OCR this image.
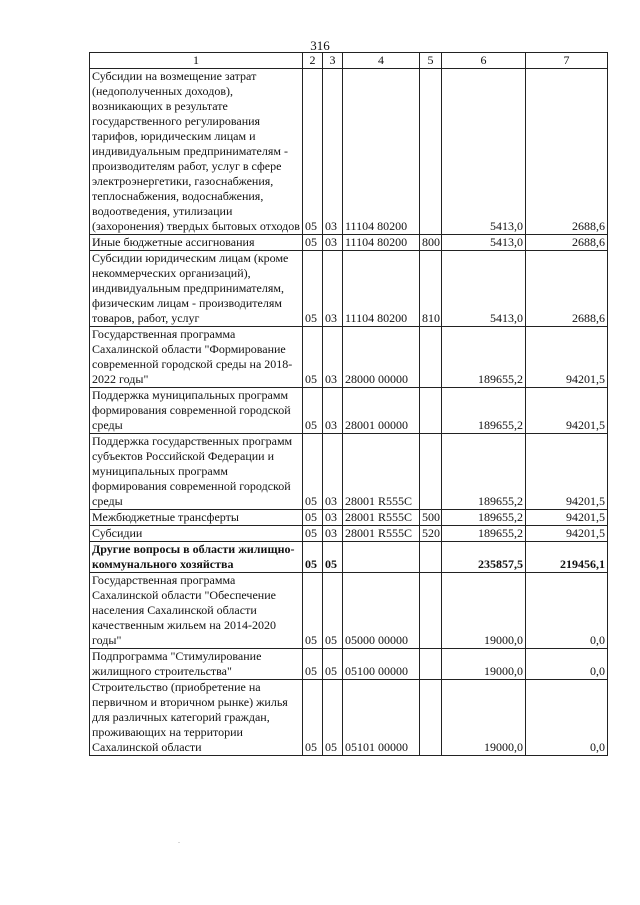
316
1	2	3	4	5	6	7
Субсидии на возмещение затрат (недополученных доходов), возникающих в результате государственного регулирования тарифов, юридическим лицам и индивидуальным предпринимателям - производителям работ, услуг в сфере электроэнергетики, газоснабжения, теплоснабжения, водоснабжения, водоотведения, утилизации (захоронения) твердых бытовых отходов	05	03	11104 80200		5413,0	2688,6
Иные бюджетные ассигнования	05	03	11104 80200	800	5413,0	2688,6
Субсидии юридическим лицам (кроме некоммерческих организаций), индивидуальным предпринимателям, физическим лицам - производителям товаров, работ, услуг	05	03	11104 80200	810	5413,0	2688,6
Государственная программа Сахалинской области "Формирование современной городской среды на 2018-2022 годы"	05	03	28000 00000		189655,2	94201,5
Поддержка муниципальных программ формирования современной городской среды	05	03	28001 00000		189655,2	94201,5
Поддержка государственных программ субъектов Российской Федерации и муниципальных программ формирования современной городской среды	05	03	28001 R555C		189655,2	94201,5
Межбюджетные трансферты	05	03	28001 R555C	500	189655,2	94201,5
Субсидии	05	03	28001 R555C	520	189655,2	94201,5
Другие вопросы в области жилищно-коммунального хозяйства	05	05			235857,5	219456,1
Государственная программа Сахалинской области "Обеспечение населения Сахалинской области качественным жильем на 2014-2020 годы"	05	05	05000 00000		19000,0	0,0
Подпрограмма "Стимулирование жилищного строительства"	05	05	05100 00000		19000,0	0,0
Строительство (приобретение на первичном и вторичном рынке) жилья для различных категорий граждан, проживающих на территории Сахалинской области	05	05	05101 00000		19000,0	0,0
.
